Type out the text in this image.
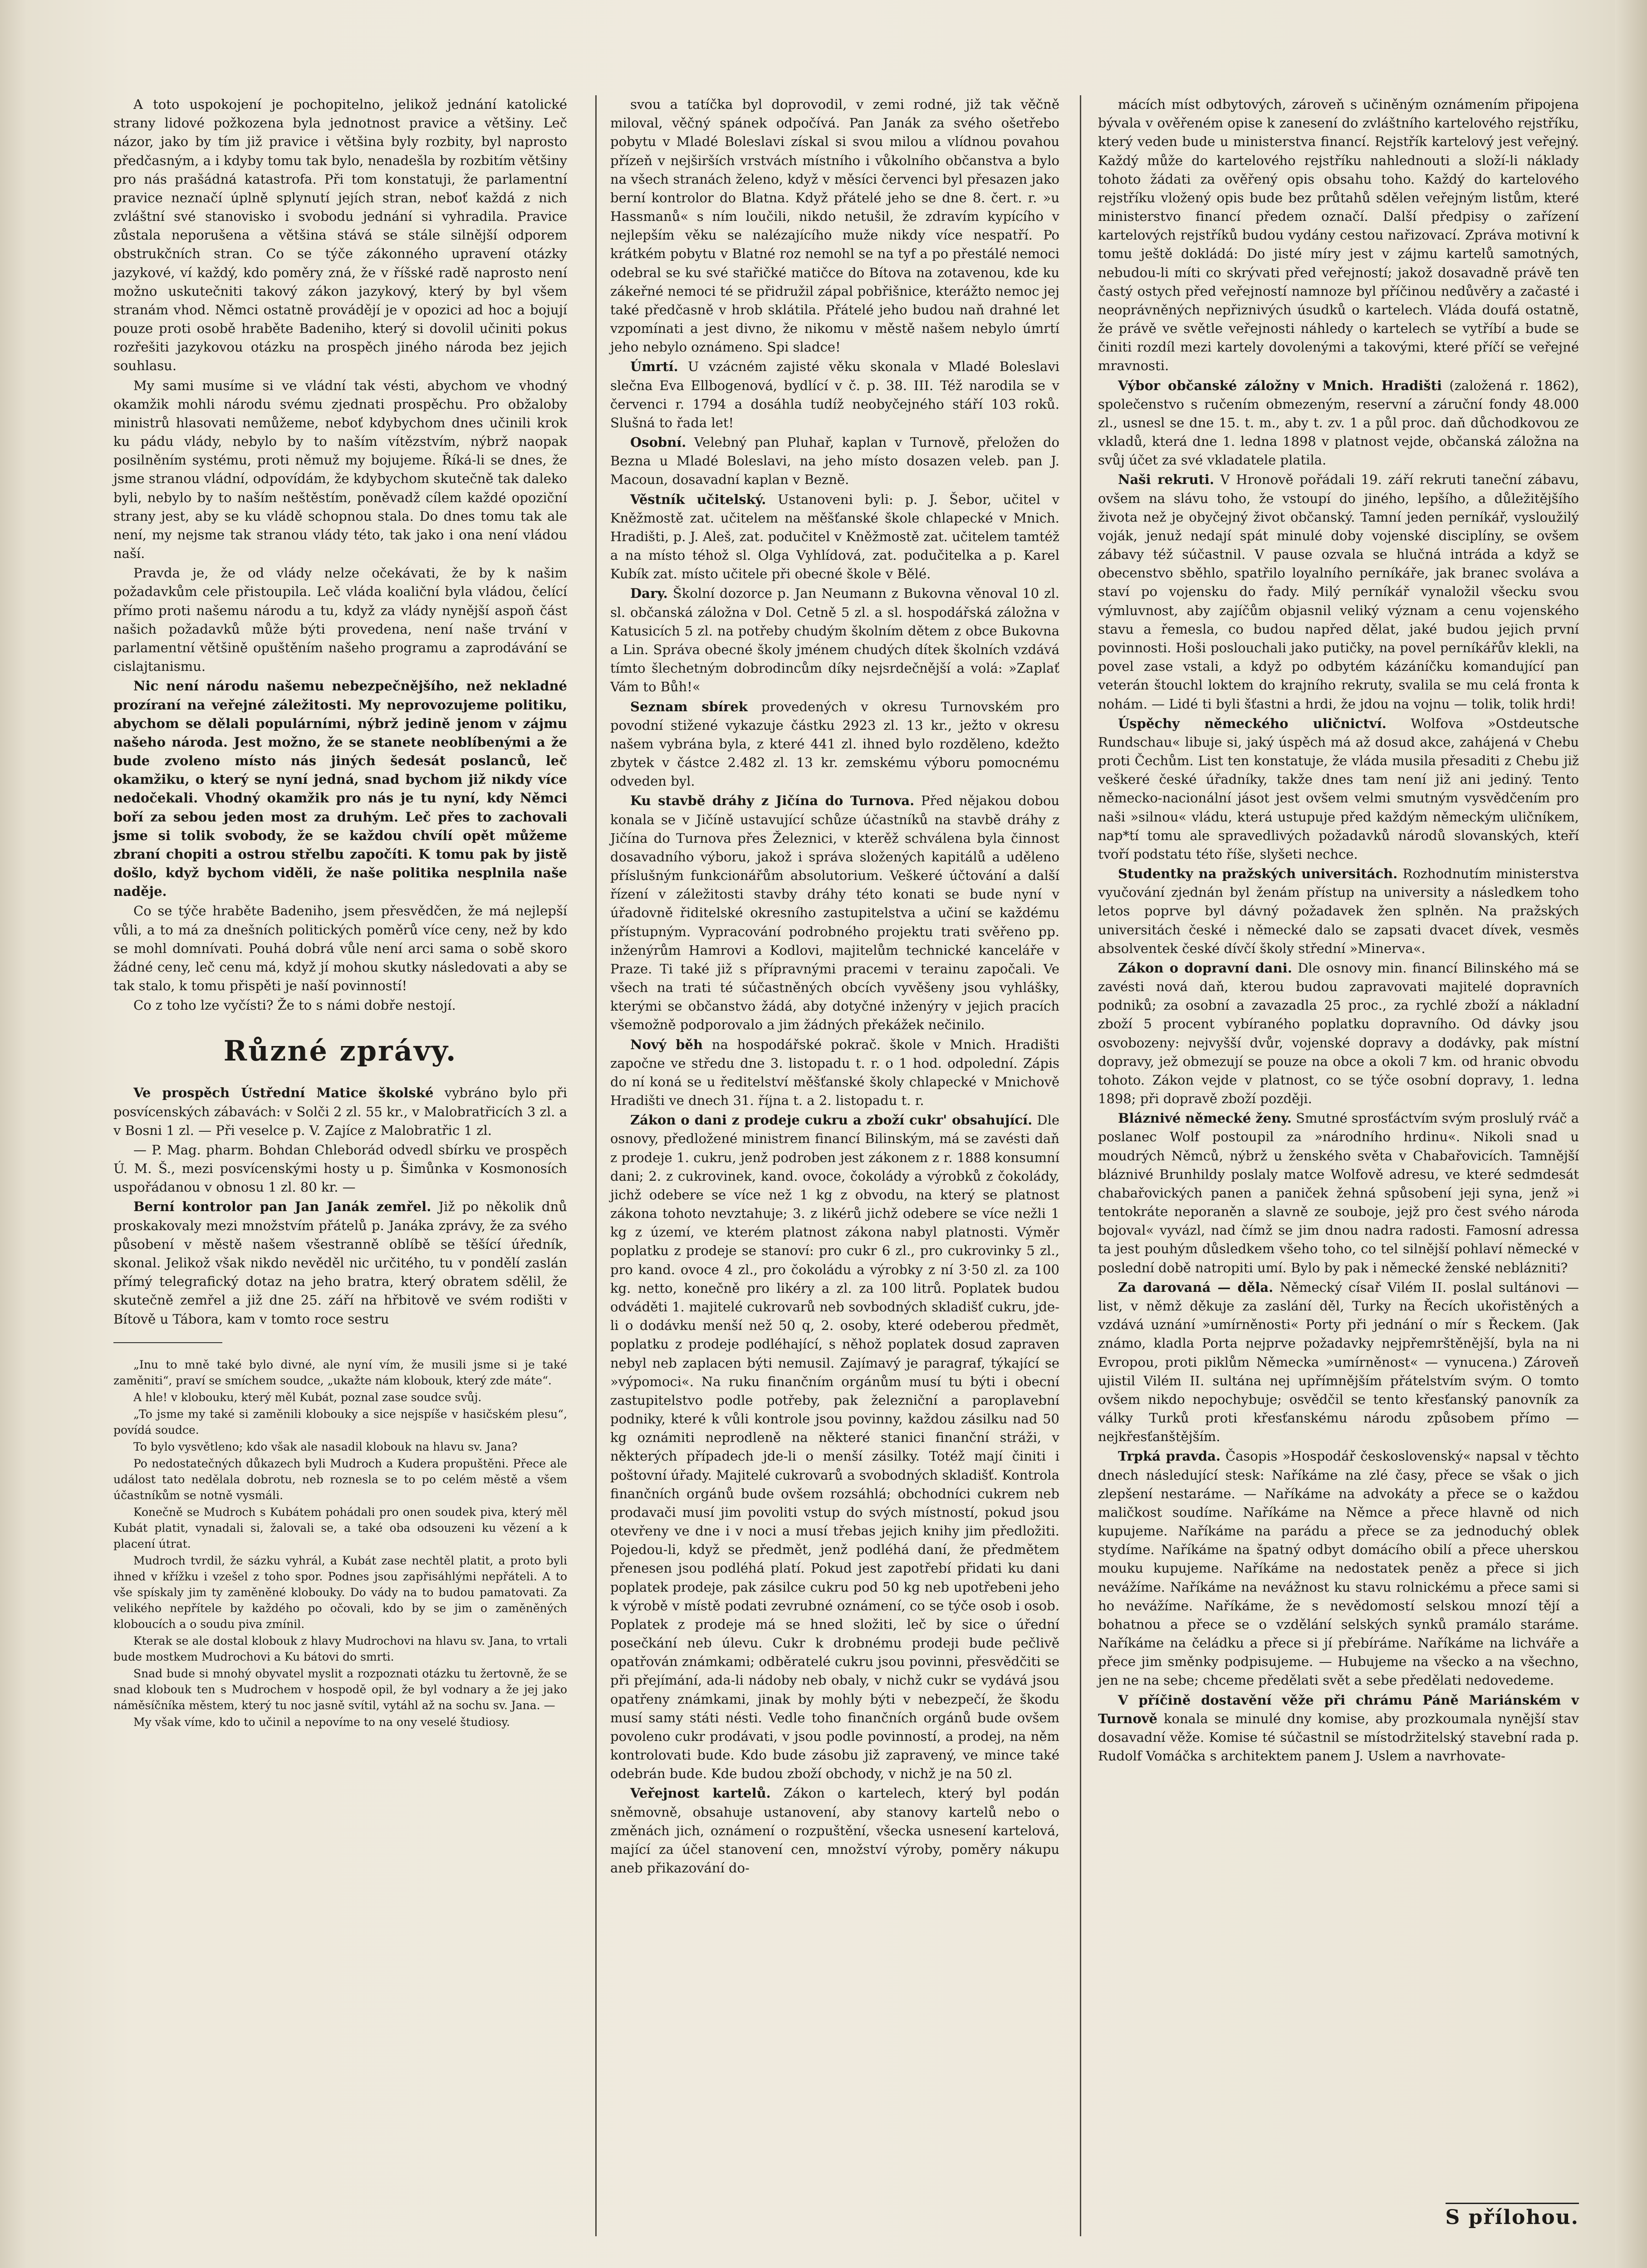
A toto uspokojení je pochopitelno, jelikož jednání katolické strany lidové požkozena byla jednotnost pravice a většiny. Leč názor, jako by tím již pravice i většina byly rozbity, byl naprosto předčasným, a i kdyby tomu tak bylo, nenadešla by rozbitím většiny pro nás prašádná katastrofa. Při tom konstatuji, že parlamentní pravice neznačí úplně splynutí jejích stran, neboť každá z nich zvláštní své stanovisko i svobodu jednání si vyhradila. Pravice zůstala neporušena a většina stává se stále silnější odporem obstrukčních stran. Co se týče zákonného upravení otázky jazykové, ví každý, kdo poměry zná, že v říšské radě naprosto není možno uskutečniti takový zákon jazykový, který by byl všem stranám vhod. Němci ostatně provádějí je v opozici ad hoc a bojují pouze proti osobě hraběte Badeniho, který si dovolil učiniti pokus rozřešiti jazykovou otázku na prospěch jiného národa bez jejich souhlasu.

My sami musíme si ve vládní tak vésti, abychom ve vhodný okamžik mohli národu svému zjednati prospěchu. Pro obžaloby ministrů hlasovati nemůžeme, neboť kdybychom dnes učinili krok ku pádu vlády, nebylo by to naším vítězstvím, nýbrž naopak posilněním systému, proti němuž my bojujeme. Říká-li se dnes, že jsme stranou vládní, odpovídám, že kdybychom skutečně tak daleko byli, nebylo by to naším neštěstím, poněvadž cílem každé opoziční strany jest, aby se ku vládě schopnou stala. Do dnes tomu tak ale není, my nejsme tak stranou vlády této, tak jako i ona není vládou naší.

Pravda je, že od vlády nelze očekávati, že by k našim požadavkům cele přistoupila. Leč vláda koaliční byla vládou, čelící přímo proti našemu národu a tu, když za vlády nynější aspoň část našich požadavků může býti provedena, není naše trvání v parlamentní většině opuštěním našeho programu a zaprodávání se cislajtanismu.

Nic není národu našemu nebezpečnějšího, než nekladné prozíraní na veřejné záležitosti. My neprovozujeme politiku, abychom se dělali populárními, nýbrž jedině jenom v zájmu našeho národa. Jest možno, že se stanete neoblíbenými a že bude zvoleno místo nás jiných šedesát poslanců, leč okamžiku, o který se nyní jedná, snad bychom již nikdy více nedočekali. Vhodný okamžik pro nás je tu nyní, kdy Němci boří za sebou jeden most za druhým. Leč přes to zachovali jsme si tolik svobody, že se každou chvílí opět můžeme zbraní chopiti a ostrou střelbu započíti. K tomu pak by jistě došlo, když bychom viděli, že naše politika nesplnila naše naděje.

Co se týče hraběte Badeniho, jsem přesvědčen, že má nejlepší vůli, a to má za dnešních politických poměrů více ceny, než by kdo se mohl domnívati. Pouhá dobrá vůle není arci sama o sobě skoro žádné ceny, leč cenu má, když jí mohou skutky následovati a aby se tak stalo, k tomu přispěti je naší povinností!

Co z toho lze vyčísti? Že to s námi dobře nestojí.

Různé zprávy.

Ve prospěch Ústřední Matice školské vybráno bylo při posvícenských zábavách: v Solči 2 zl. 55 kr., v Malobratřicích 3 zl. a v Bosni 1 zl. — Při veselce p. V. Zajíce z Malobratřic 1 zl.

— P. Mag. pharm. Bohdan Chleborád odvedl sbírku ve prospěch Ú. M. Š., mezi posvícenskými hosty u p. Šimůnka v Kosmonosích uspořádanou v obnosu 1 zl. 80 kr. —

Berní kontrolor pan Jan Janák zemřel. Již po několik dnů proskakovaly mezi množstvím přátelů p. Janáka zprávy, že za svého působení v městě našem všestranně oblíbě se těšící úředník, skonal. Jelikož však nikdo nevěděl nic určitého, tu v pondělí zaslán přímý telegrafický dotaz na jeho bratra, který obratem sdělil, že skutečně zemřel a již dne 25. září na hřbitově ve svém rodišti v Bítově u Tábora, kam v tomto roce sestru

„Inu to mně také bylo divné, ale nyní vím, že musili jsme si je také zaměniti“, praví se smíchem soudce, „ukažte nám klobouk, který zde máte“.

A hle! v klobouku, který měl Kubát, poznal zase soudce svůj.

„To jsme my také si zaměnili klobouky a sice nejspíše v hasičském plesu“, povídá soudce.

To bylo vysvětleno; kdo však ale nasadil klobouk na hlavu sv. Jana?

Po nedostatečných důkazech byli Mudroch a Kudera propuštěni. Přece ale událost tato nedělala dobrotu, neb roznesla se to po celém městě a všem účastníkům se notně vysmáli.

Konečně se Mudroch s Kubátem pohádali pro onen soudek piva, který měl Kubát platit, vynadali si, žalovali se, a také oba odsouzeni ku vězení a k placení útrat.

Mudroch tvrdil, že sázku vyhrál, a Kubát zase nechtěl platit, a proto byli ihned v křížku i vzešel z toho spor. Podnes jsou zapřisáhlými nepřáteli. A to vše spískaly jim ty zaměněné klobouky. Do vády na to budou pamatovati. Za velikého nepřítele by každého po očovali, kdo by se jim o zaměněných kloboucích a o soudu piva zmínil.

Kterak se ale dostal klobouk z hlavy Mudrochovi na hlavu sv. Jana, to vrtali bude mostkem Mudrochovi a Ku bátovi do smrti.

Snad bude si mnohý obyvatel myslit a rozpoznati otázku tu žertovně, že se snad klobouk ten s Mudrochem v hospodě opil, že byl vodnary a že jej jako náměsíčníka městem, který tu noc jasně svítil, vytáhl až na sochu sv. Jana. —

My však víme, kdo to učinil a nepovíme to na ony veselé študiosy.

svou a tatíčka byl doprovodil, v zemi rodné, již tak věčně miloval, věčný spánek odpočívá. Pan Janák za svého ošetřebo pobytu v Mladé Boleslavi získal si svou milou a vlídnou povahou přízeň v nejširších vrstvách místního i vůkolního občanstva a bylo na všech stranách želeno, když v měsíci červenci byl přesazen jako berní kontrolor do Blatna. Když přátelé jeho se dne 8. čert. r. »u Hassmanů« s ním loučili, nikdo netušil, že zdravím kypícího v nejlepším věku se nalézajícího muže nikdy více nespatří. Po krátkém pobytu v Blatné roz nemohl se na tyf a po přestálé nemoci odebral se ku své stařičké matičce do Bítova na zotavenou, kde ku zákeřné nemoci té se přidružil zápal pobřišnice, kterážto nemoc jej také předčasně v hrob sklátila. Přátelé jeho budou naň drahné let vzpomínati a jest divno, že nikomu v městě našem nebylo úmrtí jeho nebylo oznámeno. Spi sladce!

Úmrtí. U vzácném zajisté věku skonala v Mladé Boleslavi slečna Eva Ellbogenová, bydlící v č. p. 38. III. Též narodila se v červenci r. 1794 a dosáhla tudíž neobyčejného stáří 103 roků. Slušná to řada let!

Osobní. Velebný pan Pluhař, kaplan v Turnově, přeložen do Bezna u Mladé Boleslavi, na jeho místo dosazen veleb. pan J. Macoun, dosavadní kaplan v Bezně.

Věstník učitelský. Ustanoveni byli: p. J. Šebor, učitel v Kněžmostě zat. učitelem na měšťanské škole chlapecké v Mnich. Hradišti, p. J. Aleš, zat. podučitel v Kněžmostě zat. učitelem tamtéž a na místo téhož sl. Olga Vyhlídová, zat. podučitelka a p. Karel Kubík zat. místo učitele při obecné škole v Bělé.

Dary. Školní dozorce p. Jan Neumann z Bukovna věnoval 10 zl. sl. občanská záložna v Dol. Cetně 5 zl. a sl. hospodářská záložna v Katusicích 5 zl. na potřeby chudým školním dětem z obce Bukovna a Lin. Správa obecné školy jménem chudých dítek školních vzdává tímto šlechetným dobrodincům díky nejsrdečnější a volá: »Zaplať Vám to Bůh!«

Seznam sbírek provedených v okresu Turnovském pro povodní stižené vykazuje částku 2923 zl. 13 kr., ježto v okresu našem vybrána byla, z které 441 zl. ihned bylo rozděleno, kdežto zbytek v částce 2.482 zl. 13 kr. zemskému výboru pomocnému odveden byl.

Ku stavbě dráhy z Jičína do Turnova. Před nějakou dobou konala se v Jičíně ustavující schůze účastníků na stavbě dráhy z Jičína do Turnova přes Železnici, v kterěž schválena byla činnost dosavadního výboru, jakož i správa složených kapitálů a uděleno příslušným funkcionářům absolutorium. Veškeré účtování a další řízení v záležitosti stavby dráhy této konati se bude nyní v úřadovně řiditelské okresního zastupitelstva a učiní se každému přístupným. Vypracování podrobného projektu trati svěřeno pp. inženýrům Hamrovi a Kodlovi, majitelům technické kanceláře v Praze. Ti také již s přípravnými pracemi v terainu započali. Ve všech na trati té súčastněných obcích vyvěšeny jsou vyhlášky, kterými se občanstvo žádá, aby dotyčné inženýry v jejich pracích všemožně podporovalo a jim žádných překážek nečinilo.

Nový běh na hospodářské pokrač. škole v Mnich. Hradišti započne ve středu dne 3. listopadu t. r. o 1 hod. odpolední. Zápis do ní koná se u ředitelství měšťanské školy chlapecké v Mnichově Hradišti ve dnech 31. října t. a 2. listopadu t. r.

Zákon o dani z prodeje cukru a zboží cukr' obsahující. Dle osnovy, předložené ministrem financí Bilinským, má se zavésti daň z prodeje 1. cukru, jenž podroben jest zákonem z r. 1888 konsumní dani; 2. z cukrovinek, kand. ovoce, čokolády a výrobků z čokolády, jichž odebere se více než 1 kg z obvodu, na který se platnost zákona tohoto nevztahuje; 3. z likérů jichž odebere se více nežli 1 kg z území, ve kterém platnost zákona nabyl platnosti. Výměr poplatku z prodeje se stanoví: pro cukr 6 zl., pro cukrovinky 5 zl., pro kand. ovoce 4 zl., pro čokoládu a výrobky z ní 3·50 zl. za 100 kg. netto, konečně pro likéry a zl. za 100 litrů. Poplatek budou odváděti 1. majitelé cukrovarů neb sovbodných skladišť cukru, jde-li o dodávku menší než 50 q, 2. osoby, které odeberou předmět, poplatku z prodeje podléhající, s něhož poplatek dosud zapraven nebyl neb zaplacen býti nemusil. Zajímavý je paragraf, týkající se »výpomoci«. Na ruku finančním orgánům musí tu býti i obecní zastupitelstvo podle potřeby, pak železniční a paroplavební podniky, které k vůli kontrole jsou povinny, každou zásilku nad 50 kg oznámiti neprodleně na některé stanici finanční stráži, v některých případech jde-li o menší zásilky. Totéž mají činiti i poštovní úřady. Majitelé cukrovarů a svobodných skladišť. Kontrola finančních orgánů bude ovšem rozsáhlá; obchodníci cukrem neb prodavači musí jim povoliti vstup do svých místností, pokud jsou otevřeny ve dne i v noci a musí třebas jejich knihy jim předložiti. Pojedou-li, když se předmět, jenž podléhá daní, že předmětem přenesen jsou podléhá platí. Pokud jest zapotřebí přidati ku dani poplatek prodeje, pak zásilce cukru pod 50 kg neb upotřebeni jeho k výrobě v místě podati zevrubné oznámení, co se týče osob i osob. Poplatek z prodeje má se hned složiti, leč by sice o úřední posečkání neb úlevu. Cukr k drobnému prodeji bude pečlivě opatřován známkami; odběratelé cukru jsou povinni, přesvědčiti se při přejímání, ada-li nádoby neb obaly, v nichž cukr se vydává jsou opatřeny známkami, jinak by mohly býti v nebezpečí, že škodu musí samy státi nésti. Vedle toho finančních orgánů bude ovšem povoleno cukr prodávati, v jsou podle povinností, a prodej, na něm kontrolovati bude. Kdo bude zásobu již zapravený, ve mince také odebrán bude. Kde budou zboží obchody, v nichž je na 50 zl.

Veřejnost kartelů. Zákon o kartelech, který byl podán sněmovně, obsahuje ustanovení, aby stanovy kartelů nebo o změnách jich, oznámení o rozpuštění, všecka usnesení kartelová, mající za účel stanovení cen, množství výroby, poměry nákupu aneb přikazování do-

mácích míst odbytových, zároveň s učiněným oznámením připojena bývala v ověřeném opise k zanesení do zvláštního kartelového rejstříku, který veden bude u ministerstva financí. Rejstřík kartelový jest veřejný. Každý může do kartelového rejstříku nahlednouti a složí-li náklady tohoto žádati za ověřený opis obsahu toho. Každý do kartelového rejstříku vložený opis bude bez průtahů sdělen veřejným listům, které ministerstvo financí předem označí. Další předpisy o zařízení kartelových rejstříků budou vydány cestou nařizovací. Zpráva motivní k tomu ještě dokládá: Do jisté míry jest v zájmu kartelů samotných, nebudou-li míti co skrývati před veřejností; jakož dosavadně právě ten častý ostych před veřejností namnoze byl příčinou nedůvěry a začasté i neoprávněných nepřiznivých úsudků o kartelech. Vláda doufá ostatně, že právě ve světle veřejnosti náhledy o kartelech se vytříbí a bude se činiti rozdíl mezi kartely dovolenými a takovými, které příčí se veřejné mravnosti.

Výbor občanské záložny v Mnich. Hradišti (založená r. 1862), společenstvo s ručením obmezeným, reservní a záruční fondy 48.000 zl., usnesl se dne 15. t. m., aby t. zv. 1 a půl proc. daň důchodkovou ze vkladů, která dne 1. ledna 1898 v platnost vejde, občanská záložna na svůj účet za své vkladatele platila.

Naši rekruti. V Hronově pořádali 19. září rekruti taneční zábavu, ovšem na slávu toho, že vstoupí do jiného, lepšího, a důležitějšího života než je obyčejný život občanský. Tamní jeden perníkář, vysloužilý voják, jenuž nedají spát minulé doby vojenské disciplíny, se ovšem zábavy též súčastnil. V pause ozvala se hlučná intráda a když se obecenstvo sběhlo, spatřilo loyalního perníkáře, jak branec svoláva a staví po vojensku do řady. Milý perníkář vynaložil všecku svou výmluvnost, aby zajíčům objasnil veliký význam a cenu vojenského stavu a řemesla, co budou napřed dělat, jaké budou jejich první povinnosti. Hoši poslouchali jako putičky, na povel perníkářův klekli, na povel zase vstali, a když po odbytém kázáníčku komandující pan veterán štouchl loktem do krajního rekruty, svalila se mu celá fronta k nohám. — Lidé ti byli šťastni a hrdi, že jdou na vojnu — tolik, tolik hrdi!

Úspěchy německého uličnictví. Wolfova »Ostdeutsche Rundschau« libuje si, jaký úspěch má až dosud akce, zahájená v Chebu proti Čechům. List ten konstatuje, že vláda musila přesaditi z Chebu již veškeré české úřadníky, takže dnes tam není již ani jediný. Tento německo-nacionální jásot jest ovšem velmi smutným vysvědčením pro naši »silnou« vládu, která ustupuje před každým německým uličníkem, nap*tí tomu ale spravedlivých požadavků národů slovanských, kteří tvoří podstatu této říše, slyšeti nechce.

Studentky na pražských universitách. Rozhodnutím ministerstva vyučování zjednán byl ženám přístup na university a následkem toho letos poprve byl dávný požadavek žen splněn. Na pražských universitách české i německé dalo se zapsati dvacet dívek, vesměs absolventek české dívčí školy střední »Minerva«.

Zákon o dopravní dani. Dle osnovy min. financí Bilinského má se zavésti nová daň, kterou budou zapravovati majitelé dopravních podniků; za osobní a zavazadla 25 proc., za rychlé zboží a nákladní zboží 5 procent vybíraného poplatku dopravního. Od dávky jsou osvobozeny: nejvyšší dvůr, vojenské dopravy a dodávky, pak místní dopravy, jež obmezují se pouze na obce a okoli 7 km. od hranic obvodu tohoto. Zákon vejde v platnost, co se týče osobní dopravy, 1. ledna 1898; při dopravě zboží později.

Bláznivé německé ženy. Smutné sprosťáctvím svým proslulý rváč a poslanec Wolf postoupil za »národního hrdinu«. Nikoli snad u moudrých Němců, nýbrž u ženského světa v Chabařovicích. Tamnější bláznivé Brunhildy poslaly matce Wolfově adresu, ve které sedmdesát chabařovických panen a paniček žehná spůsobení jeji syna, jenž »i tentokráte neporaněn a slavně ze souboje, jejž pro čest svého národa bojoval« vyvázl, nad čímž se jim dnou nadra radosti. Famosní adressa ta jest pouhým důsledkem všeho toho, co tel silnější pohlaví německé v poslední době natropiti umí. Bylo by pak i německé ženské neblázniti?

Za darovaná — děla. Německý císař Vilém II. poslal sultánovi — list, v němž děkuje za zaslání děl, Turky na Řecích ukořistěných a vzdává uznání »umírněnosti« Porty při jednání o mír s Řeckem. (Jak známo, kladla Porta nejprve požadavky nejpřemrštěnější, byla na ni Evropou, proti piklům Německa »umírněnost« — vynucena.) Zároveň ujistil Vilém II. sultána nej upřímnějším přátelstvím svým. O tomto ovšem nikdo nepochybuje; osvědčil se tento křesťanský panovník za války Turků proti křesťanskému národu způsobem přímo — nejkřesťanštějším.

Trpká pravda. Časopis »Hospodář československý« napsal v těchto dnech následující stesk: Naříkáme na zlé časy, přece se však o jich zlepšení nestaráme. — Naříkáme na advokáty a přece se o každou maličkost soudíme. Naříkáme na Němce a přece hlavně od nich kupujeme. Naříkáme na parádu a přece se za jednoduchý oblek stydíme. Naříkáme na špatný odbyt domácího obilí a přece uherskou mouku kupujeme. Naříkáme na nedostatek peněz a přece si jich nevážíme. Naříkáme na nevážnost ku stavu rolnickému a přece sami si ho nevážíme. Naříkáme, že s nevědomostí selskou mnozí tějí a bohatnou a přece se o vzdělání selských synků pramálo staráme. Naříkáme na čeládku a přece si jí přebíráme. Naříkáme na lichváře a přece jim směnky podpisujeme. — Hubujeme na všecko a na všechno, jen ne na sebe; chceme předělati svět a sebe předělati nedovedeme.

V příčině dostavění věže při chrámu Páně Mariánském v Turnově konala se minulé dny komise, aby prozkoumala nynější stav dosavadní věže. Komise té súčastnil se místodržitelský stavební rada p. Rudolf Vomáčka s architektem panem J. Uslem a navrhovate-

S přílohou.
